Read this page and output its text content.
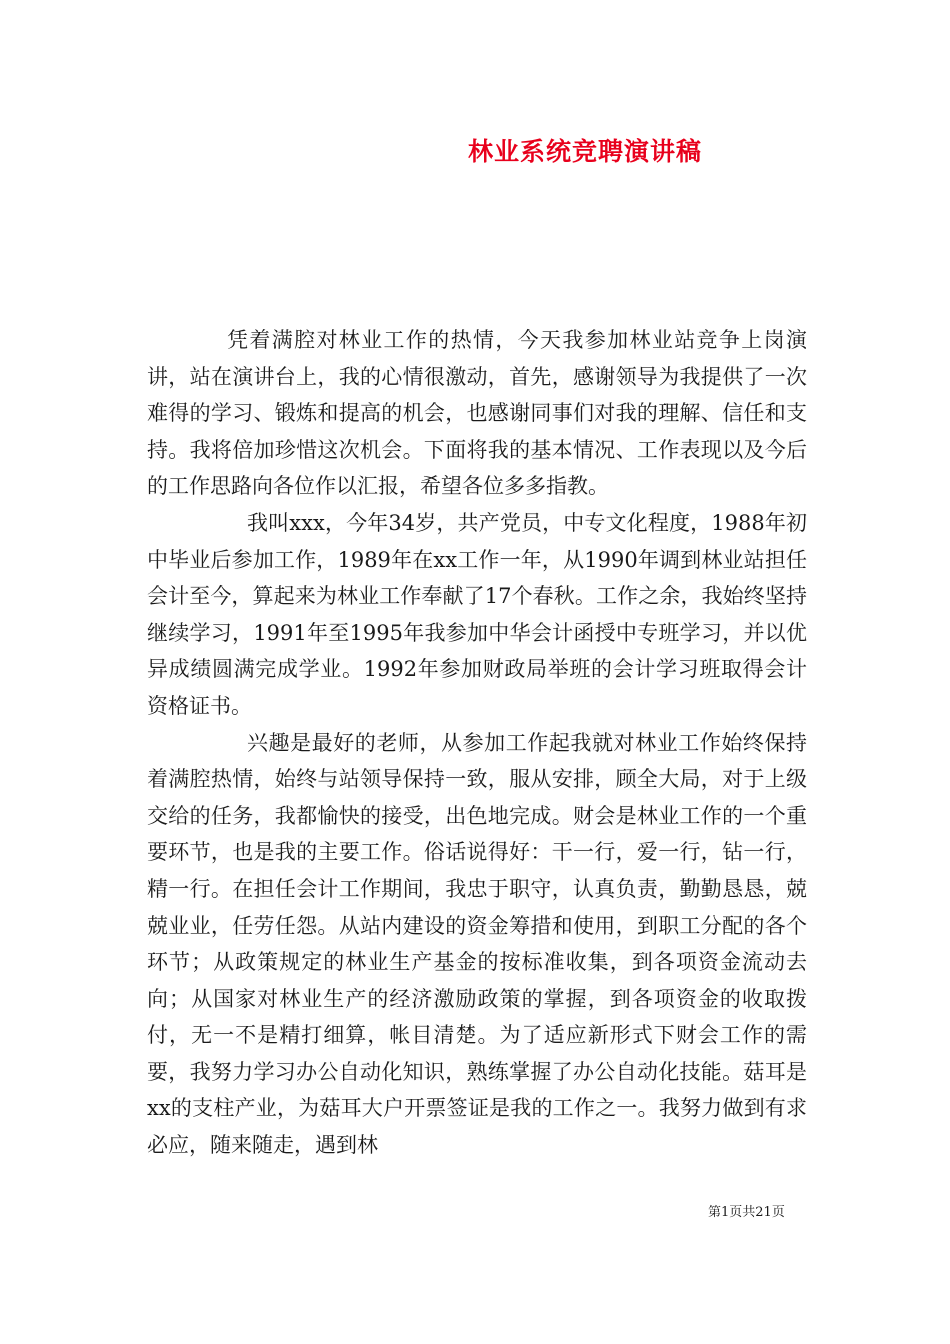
林业系统竞聘演讲稿

凭着满腔对林业工作的热情，今天我参加林业站竞争上岗演讲，站在演讲台上，我的心情很激动，首先，感谢领导为我提供了一次难得的学习、锻炼和提高的机会，也感谢同事们对我的理解、信任和支持。我将倍加珍惜这次机会。下面将我的基本情况、工作表现以及今后的工作思路向各位作以汇报，希望各位多多指教。

我叫xxx，今年34岁，共产党员，中专文化程度，1988年初中毕业后参加工作，1989年在xx工作一年，从1990年调到林业站担任会计至今，算起来为林业工作奉献了17个春秋。工作之余，我始终坚持继续学习，1991年至1995年我参加中华会计函授中专班学习，并以优异成绩圆满完成学业。1992年参加财政局举班的会计学习班取得会计资格证书。

兴趣是最好的老师，从参加工作起我就对林业工作始终保持着满腔热情，始终与站领导保持一致，服从安排，顾全大局，对于上级交给的任务，我都愉快的接受，出色地完成。财会是林业工作的一个重要环节，也是我的主要工作。俗话说得好：干一行，爱一行，钻一行，精一行。在担任会计工作期间，我忠于职守，认真负责，勤勤恳恳，兢兢业业，任劳任怨。从站内建设的资金筹措和使用，到职工分配的各个环节；从政策规定的林业生产基金的按标准收集，到各项资金流动去向；从国家对林业生产的经济激励政策的掌握，到各项资金的收取拨付，无一不是精打细算，帐目清楚。为了适应新形式下财会工作的需要，我努力学习办公自动化知识，熟练掌握了办公自动化技能。菇耳是xx的支柱产业，为菇耳大户开票签证是我的工作之一。我努力做到有求必应，随来随走，遇到林

第1页共21页
